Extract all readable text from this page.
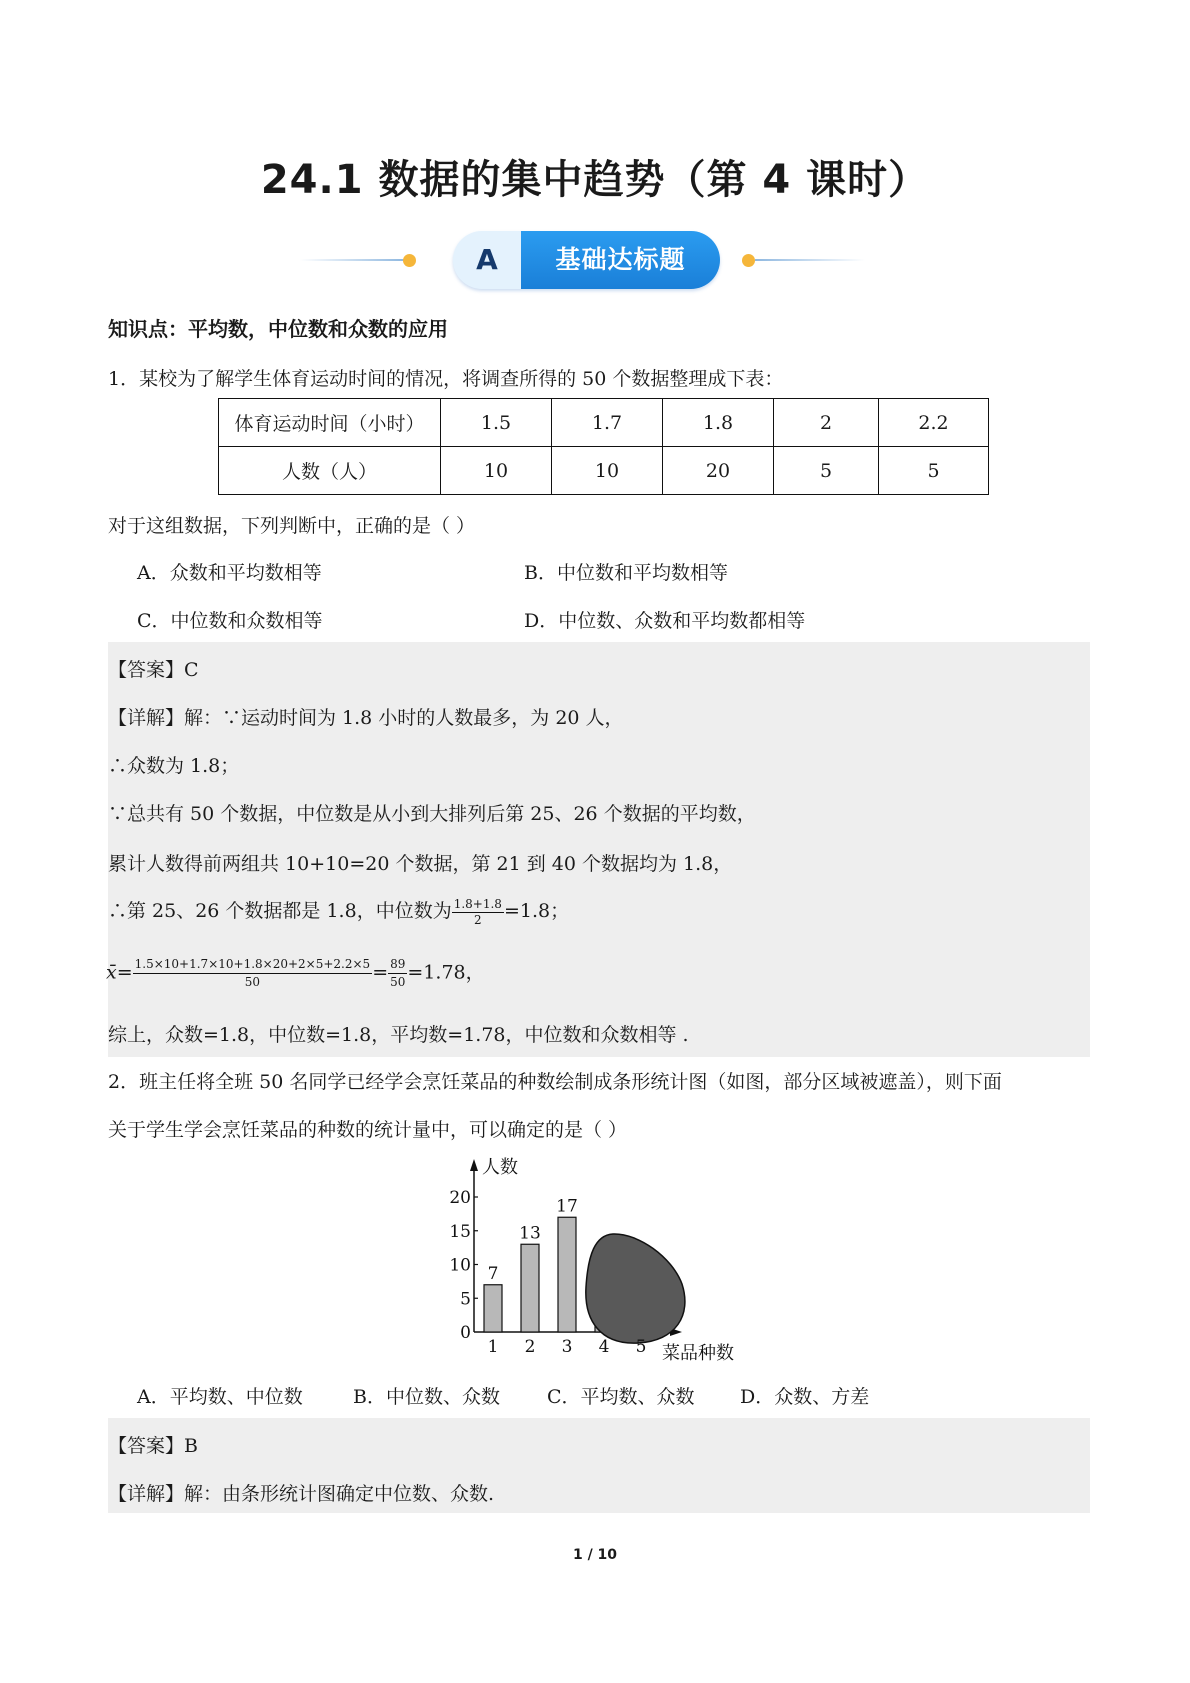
24.1 数据的集中趋势（第 4 课时）
A	基础达标题
知识点：平均数，中位数和众数的应用
1．某校为了解学生体育运动时间的情况，将调查所得的 50 个数据整理成下表：
体育运动时间（小时）	1.5	1.7	1.8	2	2.2
人数（人）	10	10	20	5	5
对于这组数据，下列判断中，正确的是（ ）
A．众数和平均数相等	B．中位数和平均数相等
C．中位数和众数相等	D．中位数、众数和平均数都相等
【答案】C
【详解】解：∵运动时间为 1.8 小时的人数最多，为 20 人，
∴众数为 1.8；
∵总共有 50 个数据，中位数是从小到大排列后第 25、26 个数据的平均数，
累计人数得前两组共 10+10=20 个数据，第 21 到 40 个数据均为 1.8，
∴第 25、26 个数据都是 1.8，中位数为 $\frac{1.8+1.8}{2} =1.8$；
x̄= $\frac{1.5\times 10+1.7\times 10+1.8\times 20+2\times 5+2.2\times 5}{50} = \frac{89}{50} =1.78$，
综上，众数=1.8，中位数=1.8，平均数=1.78，中位数和众数相等 .
2．班主任将全班 50 名同学已经学会烹饪菜品的种数绘制成条形统计图（如图，部分区域被遮盖），则下面
关于学生学会烹饪菜品的种数的统计量中，可以确定的是（ ）
0
5
10
15
20
人数
7
13
17
1 2 3 4 5 菜品种数
A．平均数、中位数	B．中位数、众数 C．平均数、众数 D．众数、方差
【答案】B
【详解】解：由条形统计图确定中位数、众数.
1 / 10
